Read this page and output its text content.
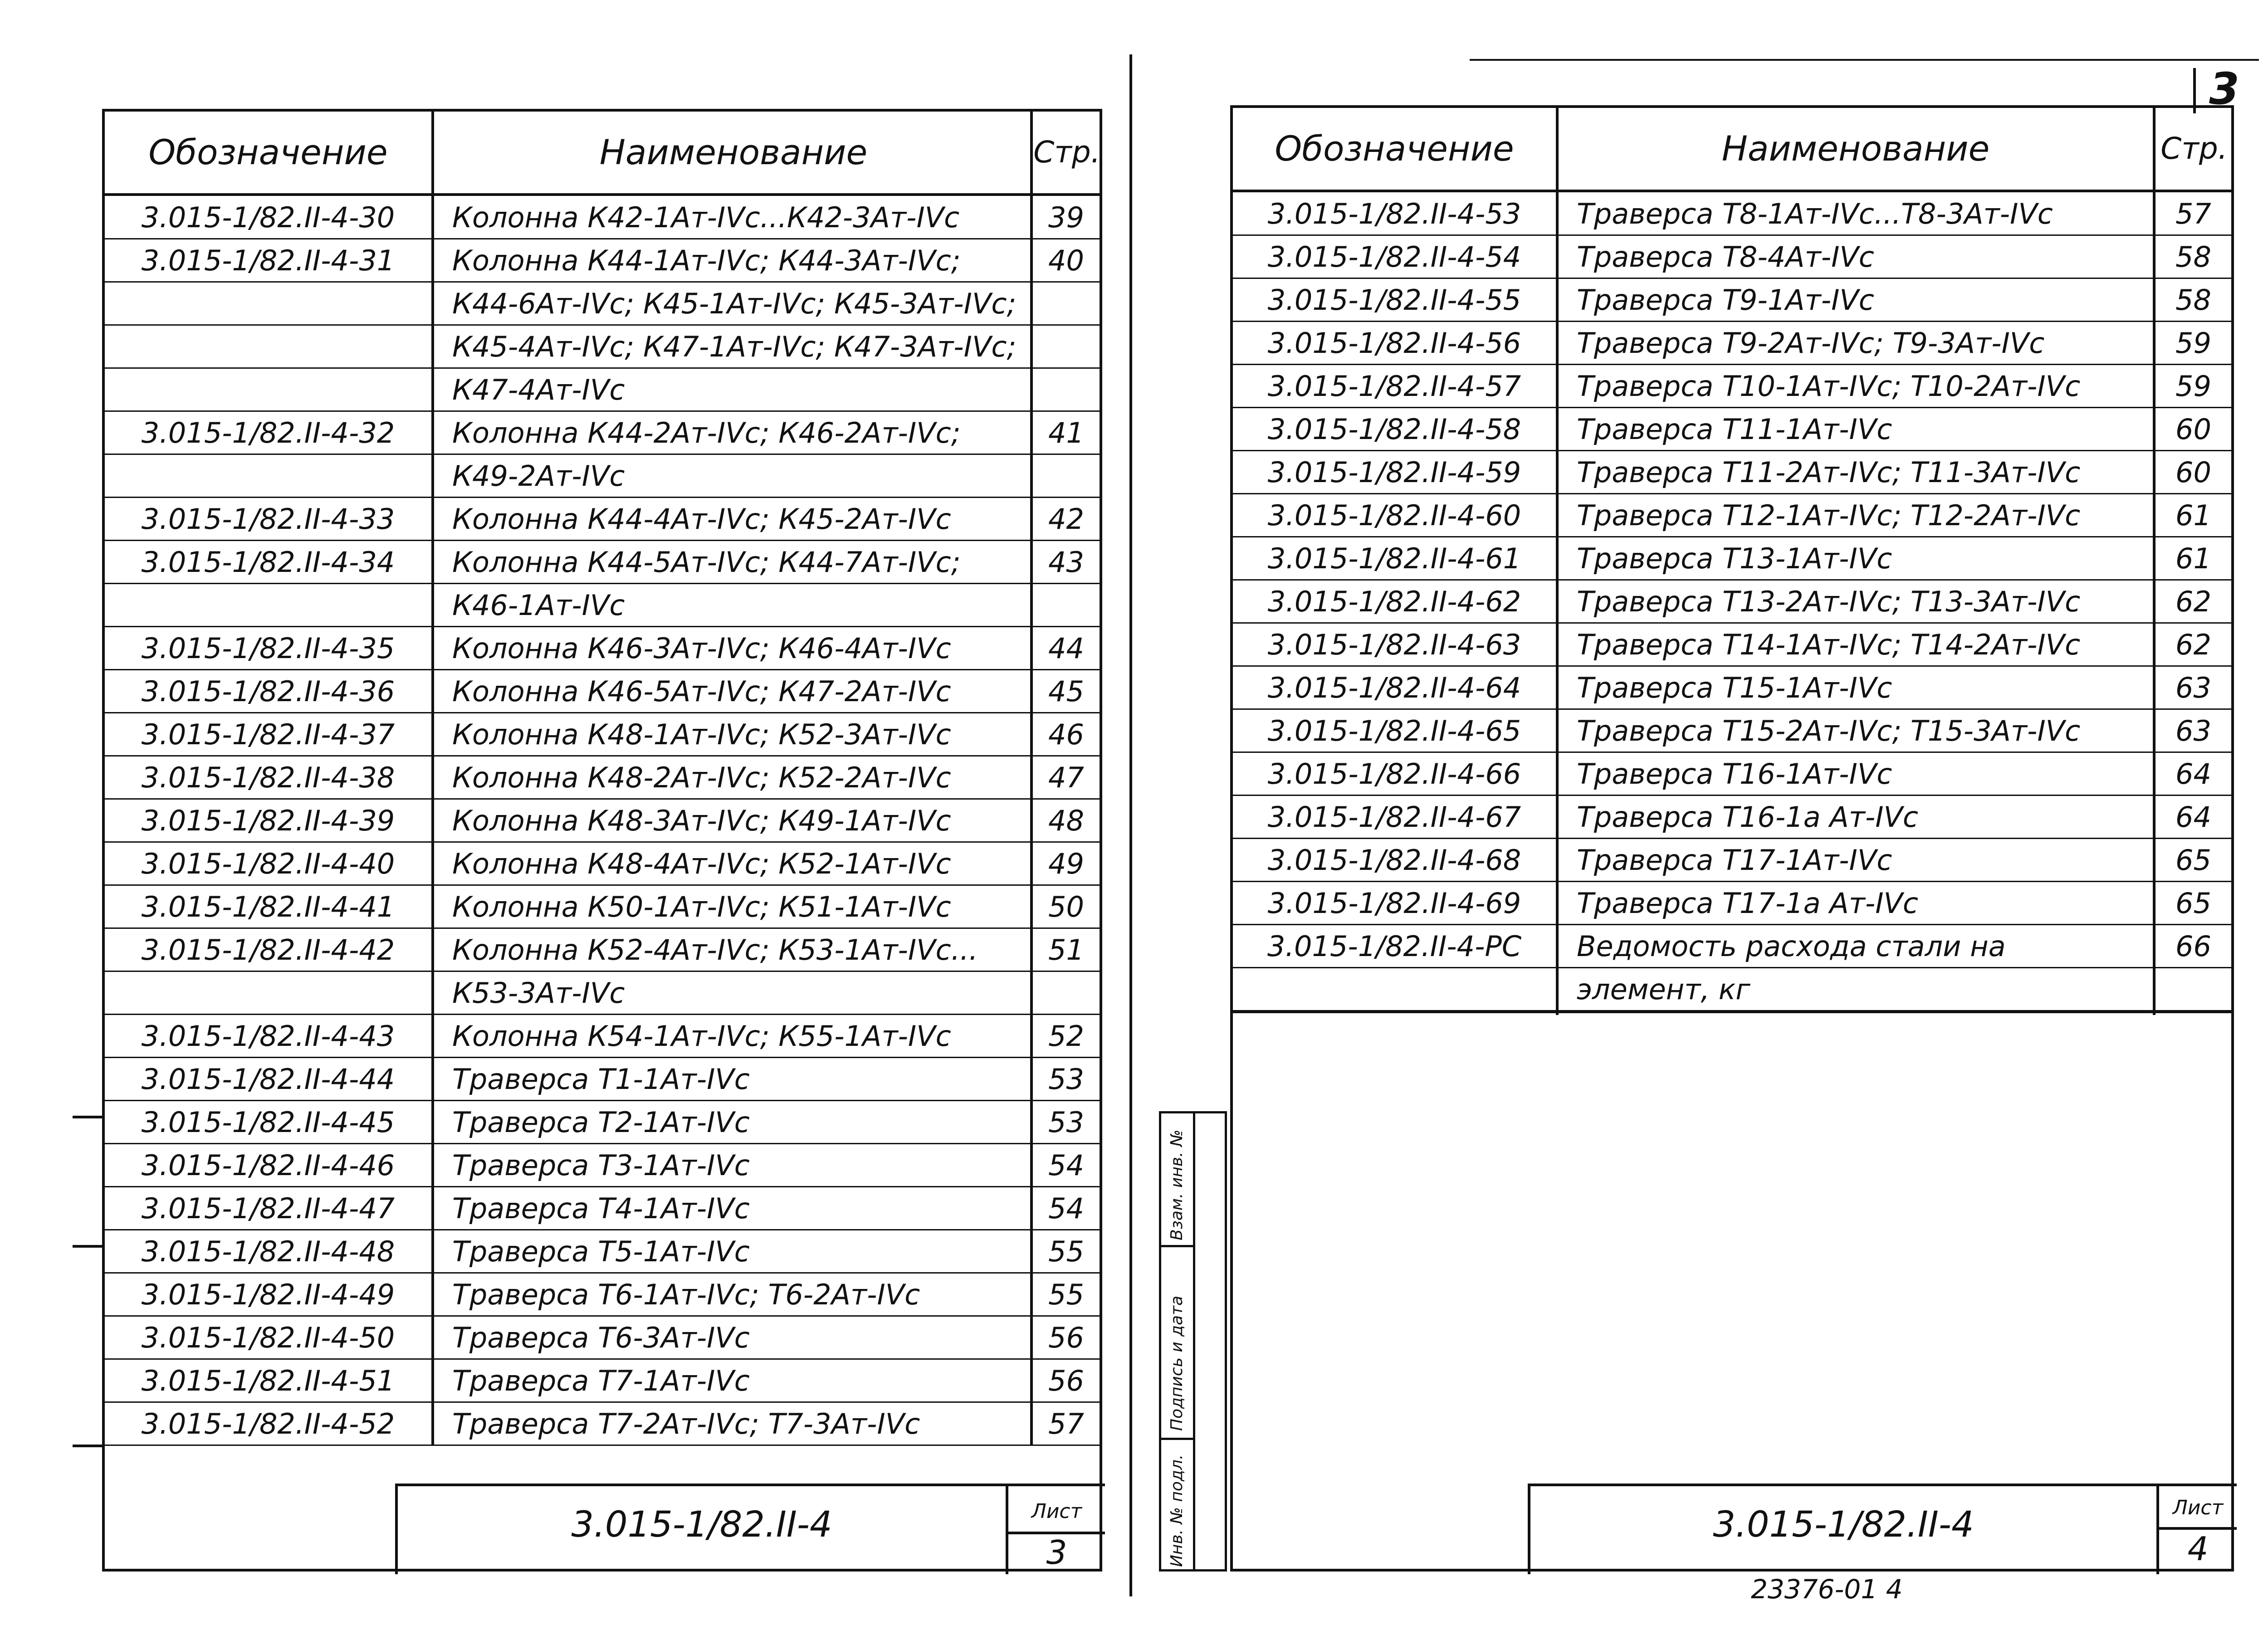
Обозначение	Наименование	Стр.
3.015-1/82.II-4-30	Колонна К42-1Ат-IVс...К42-3Ат-IVс	39
3.015-1/82.II-4-31	Колонна К44-1Ат-IVс; К44-3Ат-IVс;	40
К44-6Ат-IVс; К45-1Ат-IVс; К45-3Ат-IVс;
К45-4Ат-IVс; К47-1Ат-IVс; К47-3Ат-IVс;
К47-4Ат-IVс
3.015-1/82.II-4-32	Колонна К44-2Ат-IVс; К46-2Ат-IVс;	41
К49-2Ат-IVс
3.015-1/82.II-4-33	Колонна К44-4Ат-IVс; К45-2Ат-IVс	42
3.015-1/82.II-4-34	Колонна К44-5Ат-IVс; К44-7Ат-IVс;	43
К46-1Ат-IVс
3.015-1/82.II-4-35	Колонна К46-3Ат-IVс; К46-4Ат-IVс	44
3.015-1/82.II-4-36	Колонна К46-5Ат-IVс; К47-2Ат-IVс	45
3.015-1/82.II-4-37	Колонна К48-1Ат-IVс; К52-3Ат-IVс	46
3.015-1/82.II-4-38	Колонна К48-2Ат-IVс; К52-2Ат-IVс	47
3.015-1/82.II-4-39	Колонна К48-3Ат-IVс; К49-1Ат-IVс	48
3.015-1/82.II-4-40	Колонна К48-4Ат-IVс; К52-1Ат-IVс	49
3.015-1/82.II-4-41	Колонна К50-1Ат-IVс; К51-1Ат-IVс	50
3.015-1/82.II-4-42	Колонна К52-4Ат-IVс; К53-1Ат-IVс...	51
К53-3Ат-IVс
3.015-1/82.II-4-43	Колонна К54-1Ат-IVс; К55-1Ат-IVс	52
3.015-1/82.II-4-44	Траверса Т1-1Ат-IVс	53
3.015-1/82.II-4-45	Траверса Т2-1Ат-IVс	53
3.015-1/82.II-4-46	Траверса Т3-1Ат-IVс	54
3.015-1/82.II-4-47	Траверса Т4-1Ат-IVс	54
3.015-1/82.II-4-48	Траверса Т5-1Ат-IVс	55
3.015-1/82.II-4-49	Траверса Т6-1Ат-IVс; Т6-2Ат-IVс	55
3.015-1/82.II-4-50	Траверса Т6-3Ат-IVс	56
3.015-1/82.II-4-51	Траверса Т7-1Ат-IVс	56
3.015-1/82.II-4-52	Траверса Т7-2Ат-IVс; Т7-3Ат-IVс	57
3.015-1/82.II-4	Лист
3
3
Обозначение	Наименование	Стр.
3.015-1/82.II-4-53	Траверса Т8-1Ат-IVс...Т8-3Ат-IVс	57
3.015-1/82.II-4-54	Траверса Т8-4Ат-IVс	58
3.015-1/82.II-4-55	Траверса Т9-1Ат-IVс	58
3.015-1/82.II-4-56	Траверса Т9-2Ат-IVс; Т9-3Ат-IVс	59
3.015-1/82.II-4-57	Траверса Т10-1Ат-IVс; Т10-2Ат-IVс	59
3.015-1/82.II-4-58	Траверса Т11-1Ат-IVс	60
3.015-1/82.II-4-59	Траверса Т11-2Ат-IVс; Т11-3Ат-IVс	60
3.015-1/82.II-4-60	Траверса Т12-1Ат-IVс; Т12-2Ат-IVс	61
3.015-1/82.II-4-61	Траверса Т13-1Ат-IVс	61
3.015-1/82.II-4-62	Траверса Т13-2Ат-IVс; Т13-3Ат-IVс	62
3.015-1/82.II-4-63	Траверса Т14-1Ат-IVс; Т14-2Ат-IVс	62
3.015-1/82.II-4-64	Траверса Т15-1Ат-IVс	63
3.015-1/82.II-4-65	Траверса Т15-2Ат-IVс; Т15-3Ат-IVс	63
3.015-1/82.II-4-66	Траверса Т16-1Ат-IVс	64
3.015-1/82.II-4-67	Траверса Т16-1а Ат-IVс	64
3.015-1/82.II-4-68	Траверса Т17-1Ат-IVс	65
3.015-1/82.II-4-69	Траверса Т17-1а Ат-IVс	65
3.015-1/82.II-4-РС	Ведомость расхода стали на	66
элемент, кг
3.015-1/82.II-4	Лист
4
Инв. № подл.
Подпись и дата
Взам. инв. №
23376-01 4
